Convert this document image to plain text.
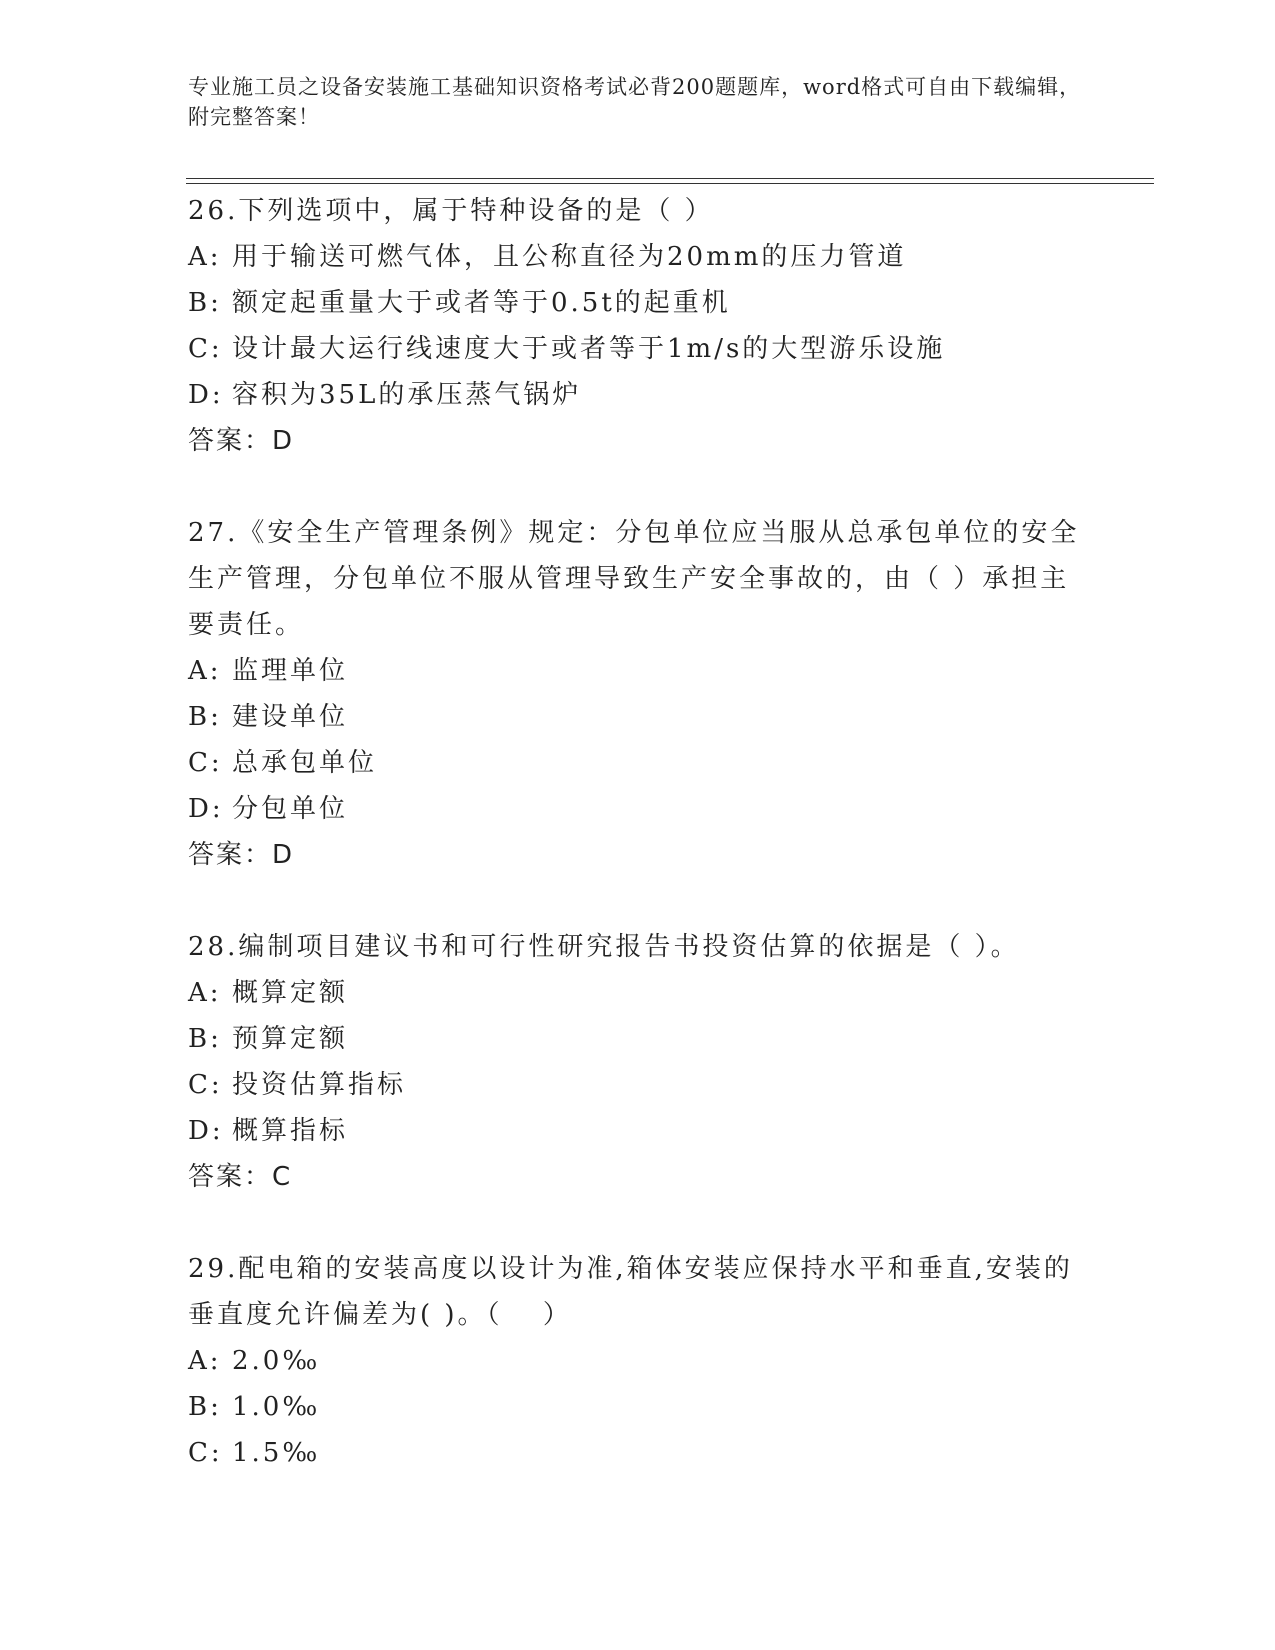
专业施工员之设备安装施工基础知识资格考试必背200题题库，word格式可自由下载编辑，附完整答案！

26.下列选项中，属于特种设备的是（ ）

A: 用于输送可燃气体，且公称直径为20mm的压力管道

B: 额定起重量大于或者等于0.5t的起重机

C: 设计最大运行线速度大于或者等于1m/s的大型游乐设施

D: 容积为35L的承压蒸气锅炉

答案：D

27.《安全生产管理条例》规定：分包单位应当服从总承包单位的安全生产管理，分包单位不服从管理导致生产安全事故的，由（ ）承担主要责任。

A: 监理单位

B: 建设单位

C: 总承包单位

D: 分包单位

答案：D

28.编制项目建议书和可行性研究报告书投资估算的依据是（ ）。

A: 概算定额

B: 预算定额

C: 投资估算指标

D: 概算指标

答案：C

29.配电箱的安装高度以设计为准,箱体安装应保持水平和垂直,安装的垂直度允许偏差为( )。（　 ）

A: 2.0‰

B: 1.0‰

C: 1.5‰
